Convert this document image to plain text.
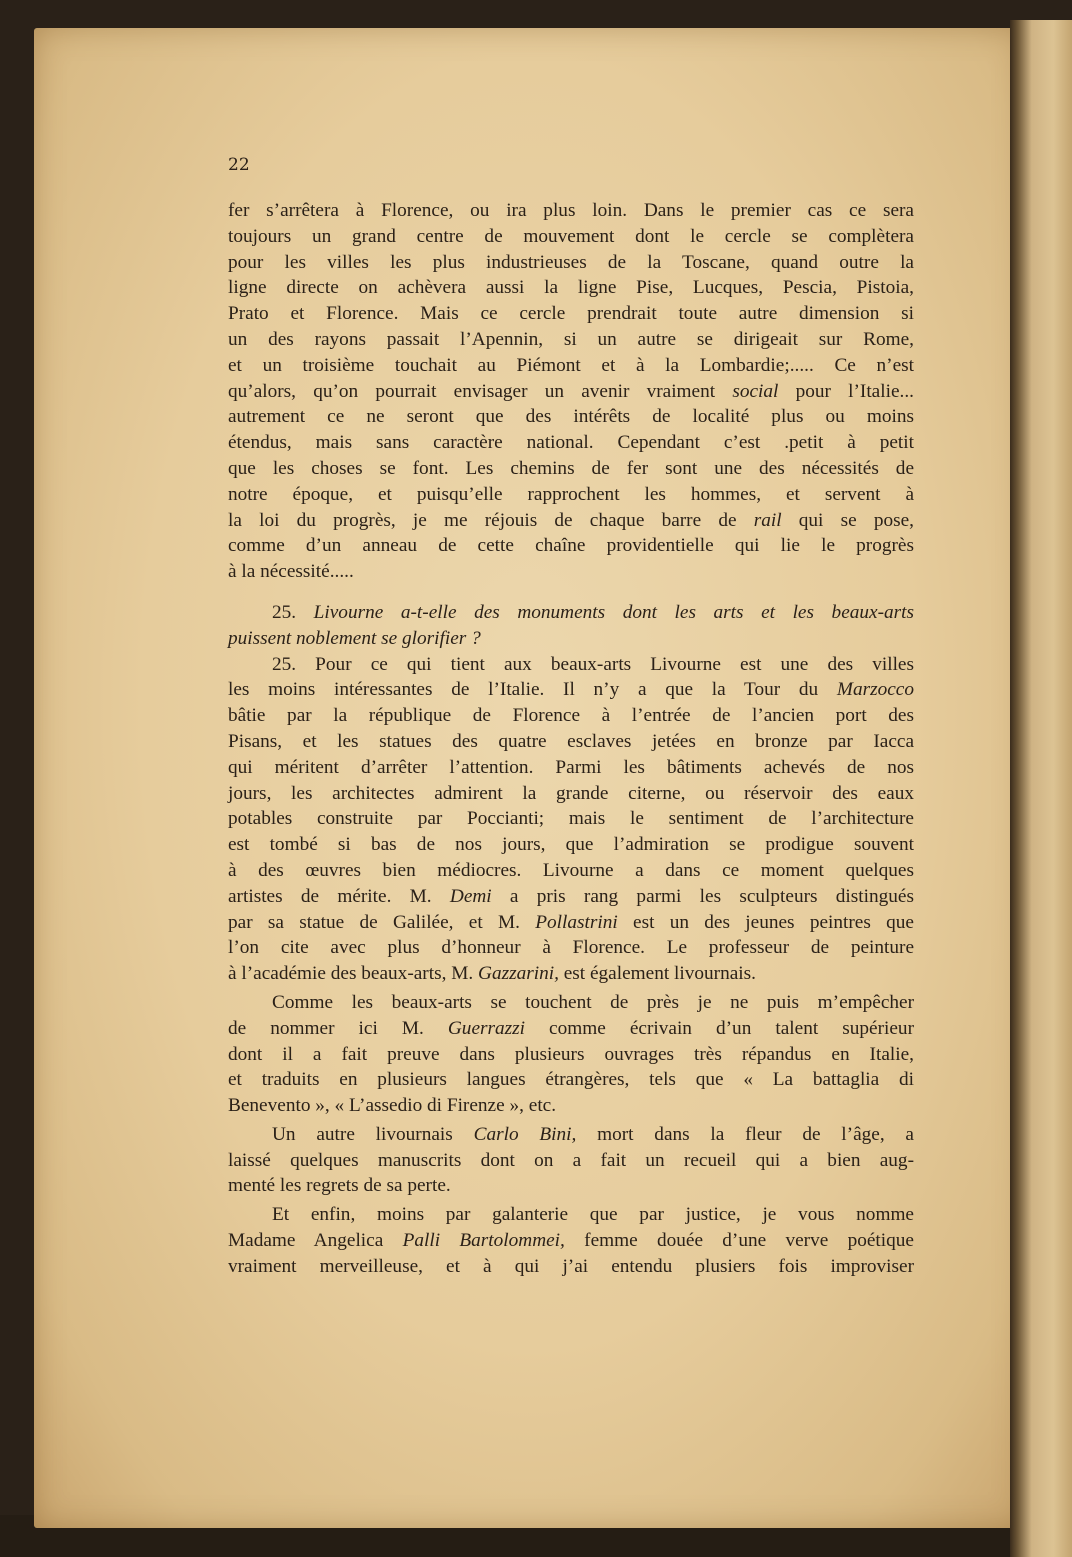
22
fer s’arrêtera à Florence, ou ira plus loin. Dans le premier cas ce sera
toujours un grand centre de mouvement dont le cercle se complètera
pour les villes les plus industrieuses de la Toscane, quand outre la
ligne directe on achèvera aussi la ligne Pise, Lucques, Pescia, Pistoia,
Prato et Florence. Mais ce cercle prendrait toute autre dimension si
un des rayons passait l’Apennin, si un autre se dirigeait sur Rome,
et un troisième touchait au Piémont et à la Lombardie;..... Ce n’est
qu’alors, qu’on pourrait envisager un avenir vraiment social pour l’Italie...
autrement ce ne seront que des intérêts de localité plus ou moins
étendus, mais sans caractère national. Cependant c’est .petit à petit
que les choses se font. Les chemins de fer sont une des nécessités de
notre époque, et puisqu’elle rapprochent les hommes, et servent à
la loi du progrès, je me réjouis de chaque barre de rail qui se pose,
comme d’un anneau de cette chaîne providentielle qui lie le progrès
à la nécessité.....
25. Livourne a-t-elle des monuments dont les arts et les beaux-arts
puissent noblement se glorifier ?
25. Pour ce qui tient aux beaux-arts Livourne est une des villes
les moins intéressantes de l’Italie. Il n’y a que la Tour du Marzocco
bâtie par la république de Florence à l’entrée de l’ancien port des
Pisans, et les statues des quatre esclaves jetées en bronze par Iacca
qui méritent d’arrêter l’attention. Parmi les bâtiments achevés de nos
jours, les architectes admirent la grande citerne, ou réservoir des eaux
potables construite par Poccianti; mais le sentiment de l’architecture
est tombé si bas de nos jours, que l’admiration se prodigue souvent
à des œuvres bien médiocres. Livourne a dans ce moment quelques
artistes de mérite. M. Demi a pris rang parmi les sculpteurs distingués
par sa statue de Galilée, et M. Pollastrini est un des jeunes peintres que
l’on cite avec plus d’honneur à Florence. Le professeur de peinture
à l’académie des beaux-arts, M. Gazzarini, est également livournais.
Comme les beaux-arts se touchent de près je ne puis m’empêcher
de nommer ici M. Guerrazzi comme écrivain d’un talent supérieur
dont il a fait preuve dans plusieurs ouvrages très répandus en Italie,
et traduits en plusieurs langues étrangères, tels que « La battaglia di
Benevento », « L’assedio di Firenze », etc.
Un autre livournais Carlo Bini, mort dans la fleur de l’âge, a
laissé quelques manuscrits dont on a fait un recueil qui a bien aug-
menté les regrets de sa perte.
Et enfin, moins par galanterie que par justice, je vous nomme
Madame Angelica Palli Bartolommei, femme douée d’une verve poétique
vraiment merveilleuse, et à qui j’ai entendu plusiers fois improviser
